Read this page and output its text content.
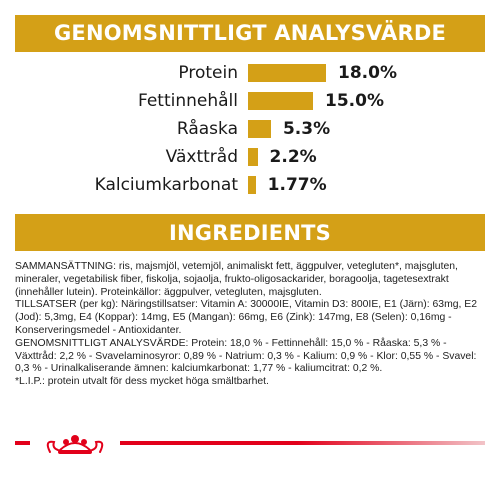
GENOMSNITTLIGT ANALYSVÄRDE
Protein	18.0%
Fettinnehåll	15.0%
Råaska	5.3%
Växttråd 2.2%
Kalciumkarbonat 1.77%
INGREDIENTS

SAMMANSÄTTNING: ris, majsmjöl, vetemjöl, animaliskt fett, äggpulver, vetegluten*, majsgluten, mineraler, vegetabilisk fiber, fiskolja, sojaolja, frukto-oligosackarider, boragoolja, tagetesextrakt (innehåller lutein). Proteinkällor: äggpulver, vetegluten, majsgluten.

TILLSATSER (per kg): Näringstillsatser: Vitamin A: 30000IE, Vitamin D3: 800IE, E1 (Järn): 63mg, E2 (Jod): 5,3mg, E4 (Koppar): 14mg, E5 (Mangan): 66mg, E6 (Zink): 147mg, E8 (Selen): 0,16mg - Konserveringsmedel - Antioxidanter.

GENOMSNITTLIGT ANALYSVÄRDE: Protein: 18,0 % - Fettinnehåll: 15,0 % - Råaska: 5,3 % - Växttråd: 2,2 % - Svavelaminosyror: 0,89 % - Natrium: 0,3 % - Kalium: 0,9 % - Klor: 0,55 % - Svavel: 0,3 % - Urinalkaliserande ämnen: kalciumkarbonat: 1,77 % - kaliumcitrat: 0,2 %.

*L.I.P.: protein utvalt för dess mycket höga smältbarhet.
